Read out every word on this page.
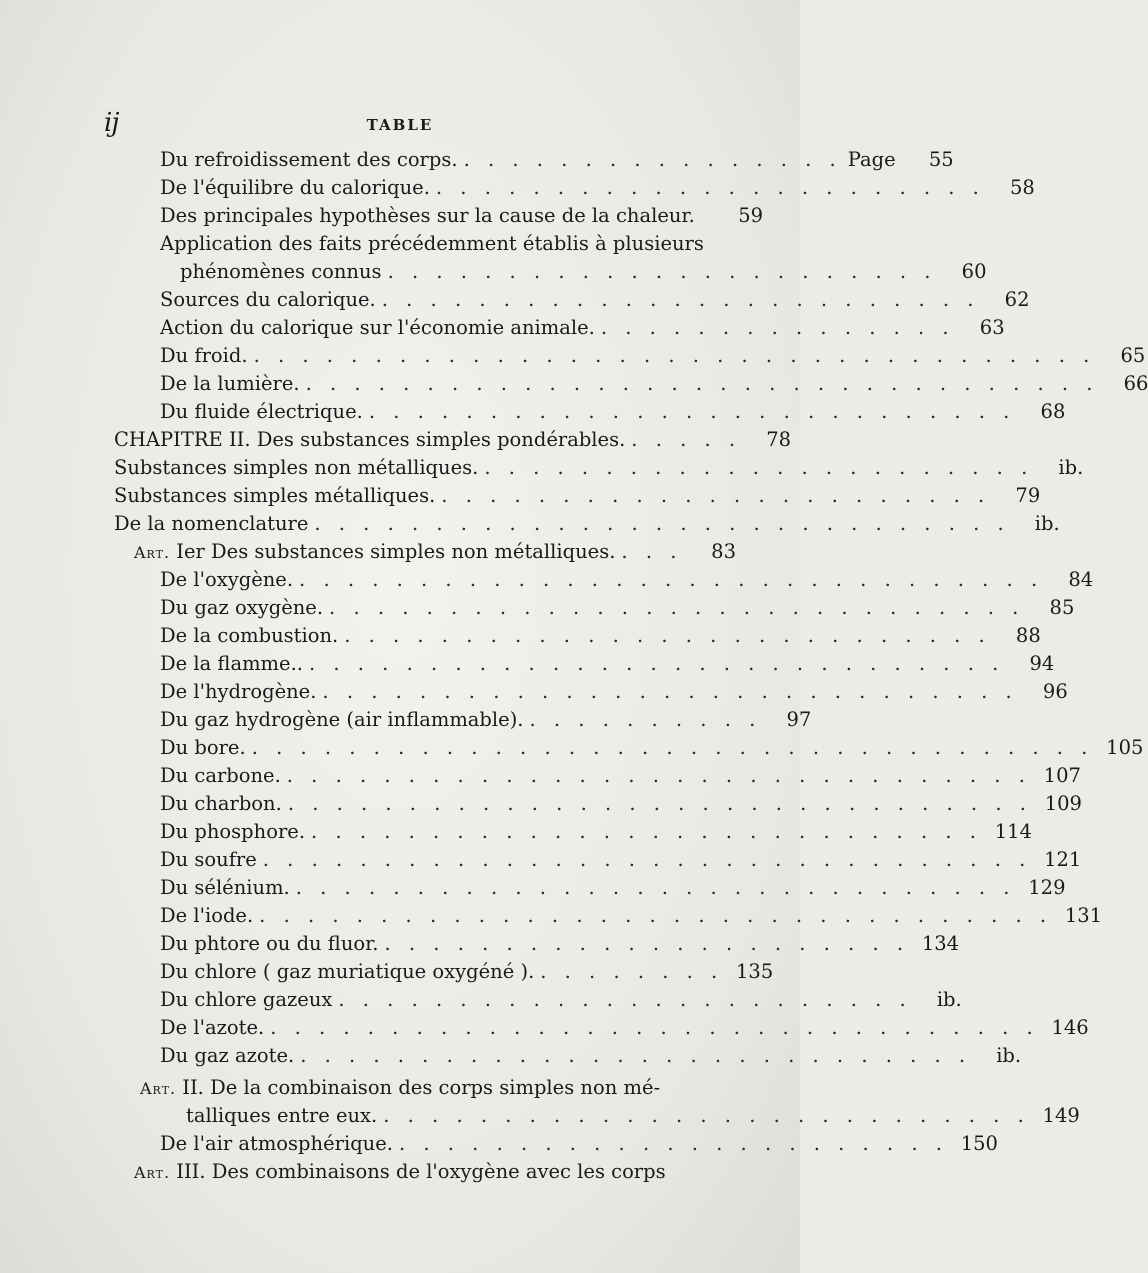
ij	TABLE
Du refroidissement des corps. . . . . . . . . . . . . . . . . Page	55
De l'équilibre du calorique. . . . . . . . . . . . . . . . . . . . . . . .	58
Des principales hypothèses sur la cause de la chaleur.	59
Application des faits précédemment établis à plusieurs
phénomènes connus . . . . . . . . . . . . . . . . . . . . . . .	60
Sources du calorique. . . . . . . . . . . . . . . . . . . . . . . . . .	62
Action du calorique sur l'économie animale. . . . . . . . . . . . . . . .	63
Du froid. . . . . . . . . . . . . . . . . . . . . . . . . . . . . . . . . . . .	65
De la lumière. . . . . . . . . . . . . . . . . . . . . . . . . . . . . . . . . .	66
Du fluide électrique. . . . . . . . . . . . . . . . . . . . . . . . . . . .	68
CHAPITRE II. Des substances simples pondérables. . . . . .	78
Substances simples non métalliques. . . . . . . . . . . . . . . . . . . . . . . .	ib.
Substances simples métalliques. . . . . . . . . . . . . . . . . . . . . . . .	79
De la nomenclature . . . . . . . . . . . . . . . . . . . . . . . . . . . . .	ib.
Art. Ier Des substances simples non métalliques. . . .	83
De l'oxygène. . . . . . . . . . . . . . . . . . . . . . . . . . . . . . . .	84
Du gaz oxygène. . . . . . . . . . . . . . . . . . . . . . . . . . . . . .	85
De la combustion. . . . . . . . . . . . . . . . . . . . . . . . . . . .	88
De la flamme.. . . . . . . . . . . . . . . . . . . . . . . . . . . . . .	94
De l'hydrogène. . . . . . . . . . . . . . . . . . . . . . . . . . . . . .	96
Du gaz hydrogène (air inflammable). . . . . . . . . . .	97
Du bore. . . . . . . . . . . . . . . . . . . . . . . . . . . . . . . . . . . . 105
Du carbone. . . . . . . . . . . . . . . . . . . . . . . . . . . . . . . . 107
Du charbon. . . . . . . . . . . . . . . . . . . . . . . . . . . . . . . . 109
Du phosphore. . . . . . . . . . . . . . . . . . . . . . . . . . . . . 114
Du soufre . . . . . . . . . . . . . . . . . . . . . . . . . . . . . . . . 121
Du sélénium. . . . . . . . . . . . . . . . . . . . . . . . . . . . . . . 129
De l'iode. . . . . . . . . . . . . . . . . . . . . . . . . . . . . . . . . . 131
Du phtore ou du fluor. . . . . . . . . . . . . . . . . . . . . . . 134
Du chlore ( gaz muriatique oxygéné ). . . . . . . . . 135
Du chlore gazeux . . . . . . . . . . . . . . . . . . . . . . . .	ib.
De l'azote. . . . . . . . . . . . . . . . . . . . . . . . . . . . . . . . . 146
Du gaz azote. . . . . . . . . . . . . . . . . . . . . . . . . . . . .	ib.
Art. II. De la combinaison des corps simples non mé-
talliques entre eux. . . . . . . . . . . . . . . . . . . . . . . . . . . . 149
De l'air atmosphérique. . . . . . . . . . . . . . . . . . . . . . . . 150
Art. III. Des combinaisons de l'oxygène avec les corps
